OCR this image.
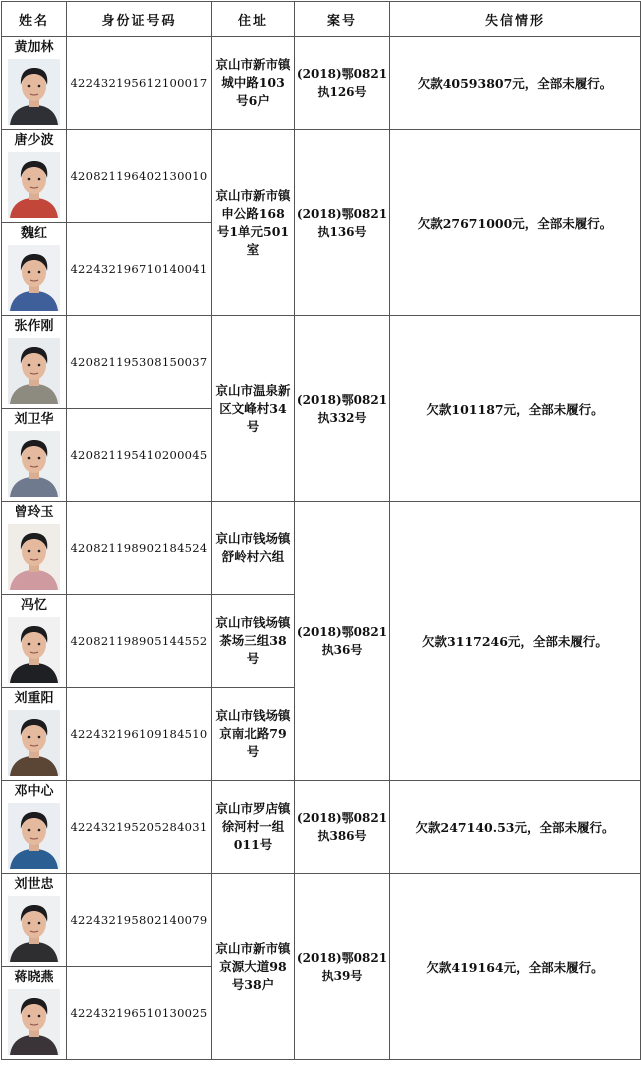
姓名	身份证号码	住址	案号	失信情形

黄加林	422432195612100017	京山市新市镇城中路103号6户	(2018)鄂0821执126号	欠款40593807元，全部未履行。

唐少波	420821196402130010	京山市新市镇申公路168号1单元501室	(2018)鄂0821执136号	欠款27671000元，全部未履行。

魏红	422432196710140041			

张作刚	420821195308150037	京山市温泉新区文峰村34号	(2018)鄂0821执332号	欠款101187元，全部未履行。

刘卫华	420821195410200045			

曾玲玉	420821198902184524	京山市钱场镇舒岭村六组	(2018)鄂0821执36号	欠款3117246元，全部未履行。

冯忆	420821198905144552	京山市钱场镇茶场三组38号		

刘重阳	422432196109184510	京山市钱场镇京南北路79号		

邓中心	422432195205284031	京山市罗店镇徐河村一组011号	(2018)鄂0821执386号	欠款247140.53元，全部未履行。

刘世忠	422432195802140079	京山市新市镇京源大道98号38户	(2018)鄂0821执39号	欠款419164元，全部未履行。

蒋晓燕	422432196510130025			
